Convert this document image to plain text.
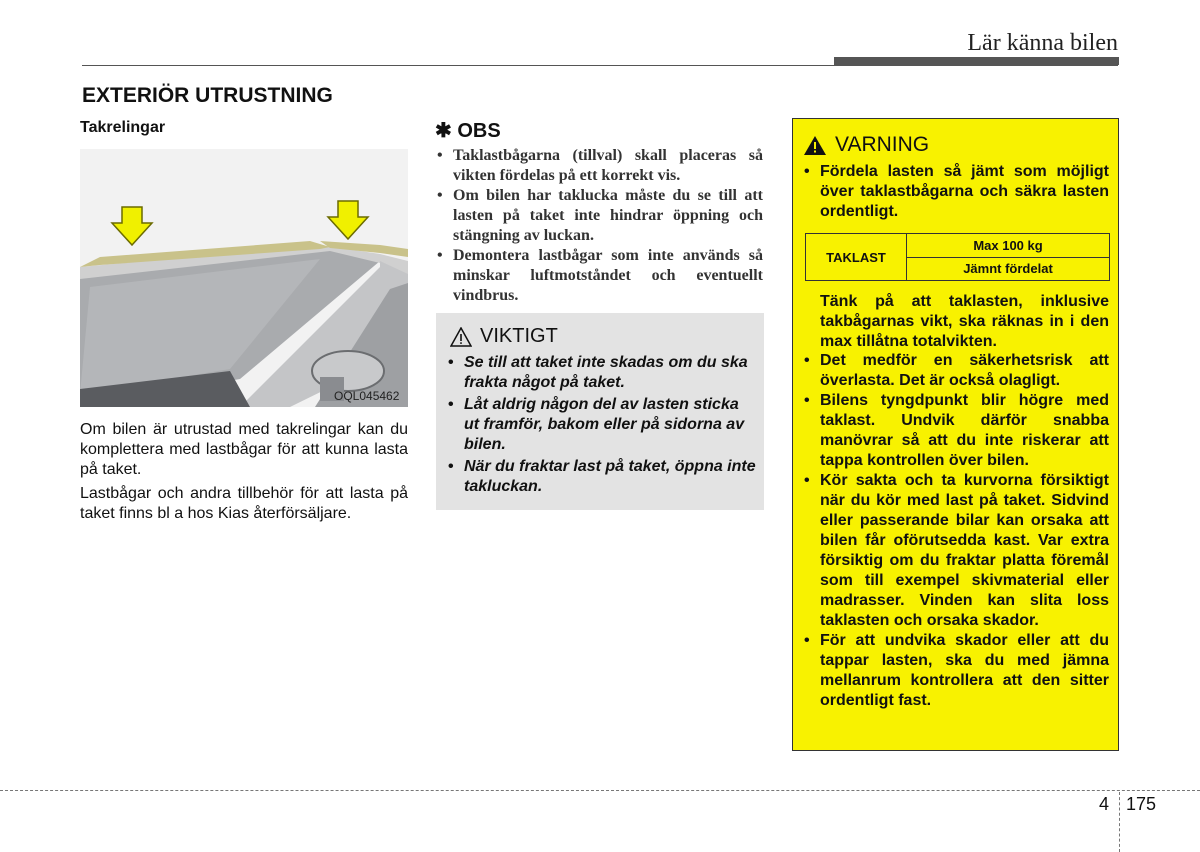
Lär känna bilen
EXTERIÖR UTRUSTNING
Takrelingar
OQL045462
Om bilen är utrustad med takrelingar kan du komplettera med lastbågar för att kunna lasta på taket.
Lastbågar och andra tillbehör för att lasta på taket finns bl a hos Kias återförsäljare.
✱ OBS
• Taklastbågarna (tillval) skall placeras så vikten fördelas på ett korrekt vis.
• Om bilen har taklucka måste du se till att lasten på taket inte hindrar öppning och stängning av luckan.
• Demontera lastbågar som inte används så minskar luftmotståndet och eventuellt vindbrus.
VIKTIGT
• Se till att taket inte skadas om du ska frakta något på taket.
• Låt aldrig någon del av lasten sticka ut framför, bakom eller på sidorna av bilen.
• När du fraktar last på taket, öppna inte takluckan.
VARNING
• Fördela lasten så jämt som möjligt över taklastbågarna och säkra lasten ordentligt.
TAKLAST	Max 100 kg
Jämnt fördelat
Tänk på att taklasten, inklusive takbågarnas vikt, ska räknas in i den max tillåtna totalvikten.
• Det medför en säkerhetsrisk att överlasta. Det är också olagligt.
• Bilens tyngdpunkt blir högre med taklast. Undvik därför snabba manövrar så att du inte riskerar att tappa kontrollen över bilen.
• Kör sakta och ta kurvorna försiktigt när du kör med last på taket. Sidvind eller passerande bilar kan orsaka att bilen får oförutsedda kast. Var extra försiktig om du fraktar platta föremål som till exempel skivmaterial eller madrasser. Vinden kan slita loss taklasten och orsaka skador.
• För att undvika skador eller att du tappar lasten, ska du med jämna mellanrum kontrollera att den sitter ordentligt fast.
4 175
